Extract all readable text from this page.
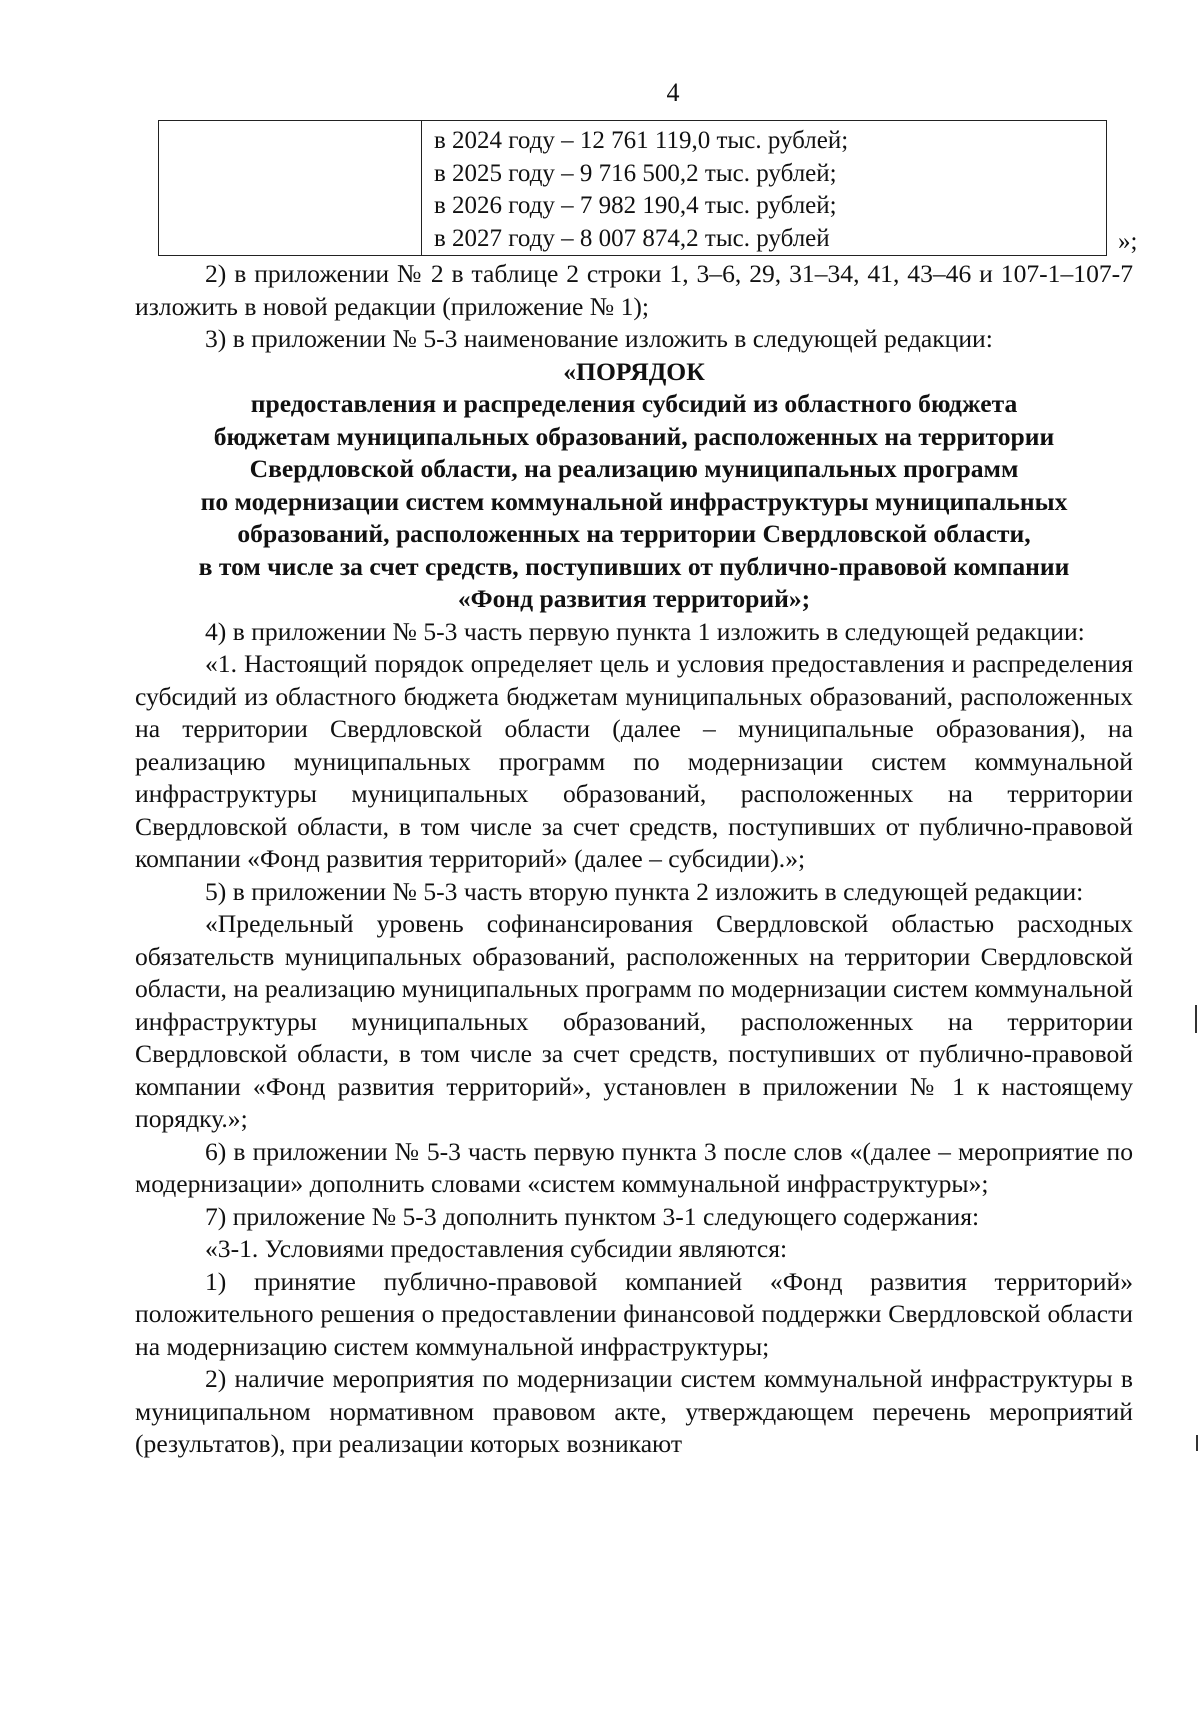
4

в 2024 году – 12 761 119,0 тыс. рублей;
в 2025 году – 9 716 500,2 тыс. рублей;
в 2026 году – 7 982 190,4 тыс. рублей;
в 2027 году – 8 007 874,2 тыс. рублей	»;

2) в приложении № 2 в таблице 2 строки 1, 3–6, 29, 31–34, 41, 43–46 и 107-1–107-7 изложить в новой редакции (приложение № 1);

3) в приложении № 5-3 наименование изложить в следующей редакции:

«ПОРЯДОК
предоставления и распределения субсидий из областного бюджета
бюджетам муниципальных образований, расположенных на территории
Свердловской области, на реализацию муниципальных программ
по модернизации систем коммунальной инфраструктуры муниципальных
образований, расположенных на территории Свердловской области,
в том числе за счет средств, поступивших от публично-правовой компании
«Фонд развития территорий»;

4) в приложении № 5-3 часть первую пункта 1 изложить в следующей редакции:

«1. Настоящий порядок определяет цель и условия предоставления и распределения субсидий из областного бюджета бюджетам муниципальных образований, расположенных на территории Свердловской области (далее – муниципальные образования), на реализацию муниципальных программ по модернизации систем коммунальной инфраструктуры муниципальных образований, расположенных на территории Свердловской области, в том числе за счет средств, поступивших от публично-правовой компании «Фонд развития территорий» (далее – субсидии).»;

5) в приложении № 5-3 часть вторую пункта 2 изложить в следующей редакции:

«Предельный уровень софинансирования Свердловской областью расходных обязательств муниципальных образований, расположенных на территории Свердловской области, на реализацию муниципальных программ по модернизации систем коммунальной инфраструктуры муниципальных образований, расположенных на территории Свердловской области, в том числе за счет средств, поступивших от публично-правовой компании «Фонд развития территорий», установлен в приложении № 1 к настоящему порядку.»;

6) в приложении № 5-3 часть первую пункта 3 после слов «(далее – мероприятие по модернизации» дополнить словами «систем коммунальной инфраструктуры»;

7) приложение № 5-3 дополнить пунктом 3-1 следующего содержания:

«3-1. Условиями предоставления субсидии являются:

1) принятие публично-правовой компанией «Фонд развития территорий» положительного решения о предоставлении финансовой поддержки Свердловской области на модернизацию систем коммунальной инфраструктуры;

2) наличие мероприятия по модернизации систем коммунальной инфраструктуры в муниципальном нормативном правовом акте, утверждающем перечень мероприятий (результатов), при реализации которых возникают
